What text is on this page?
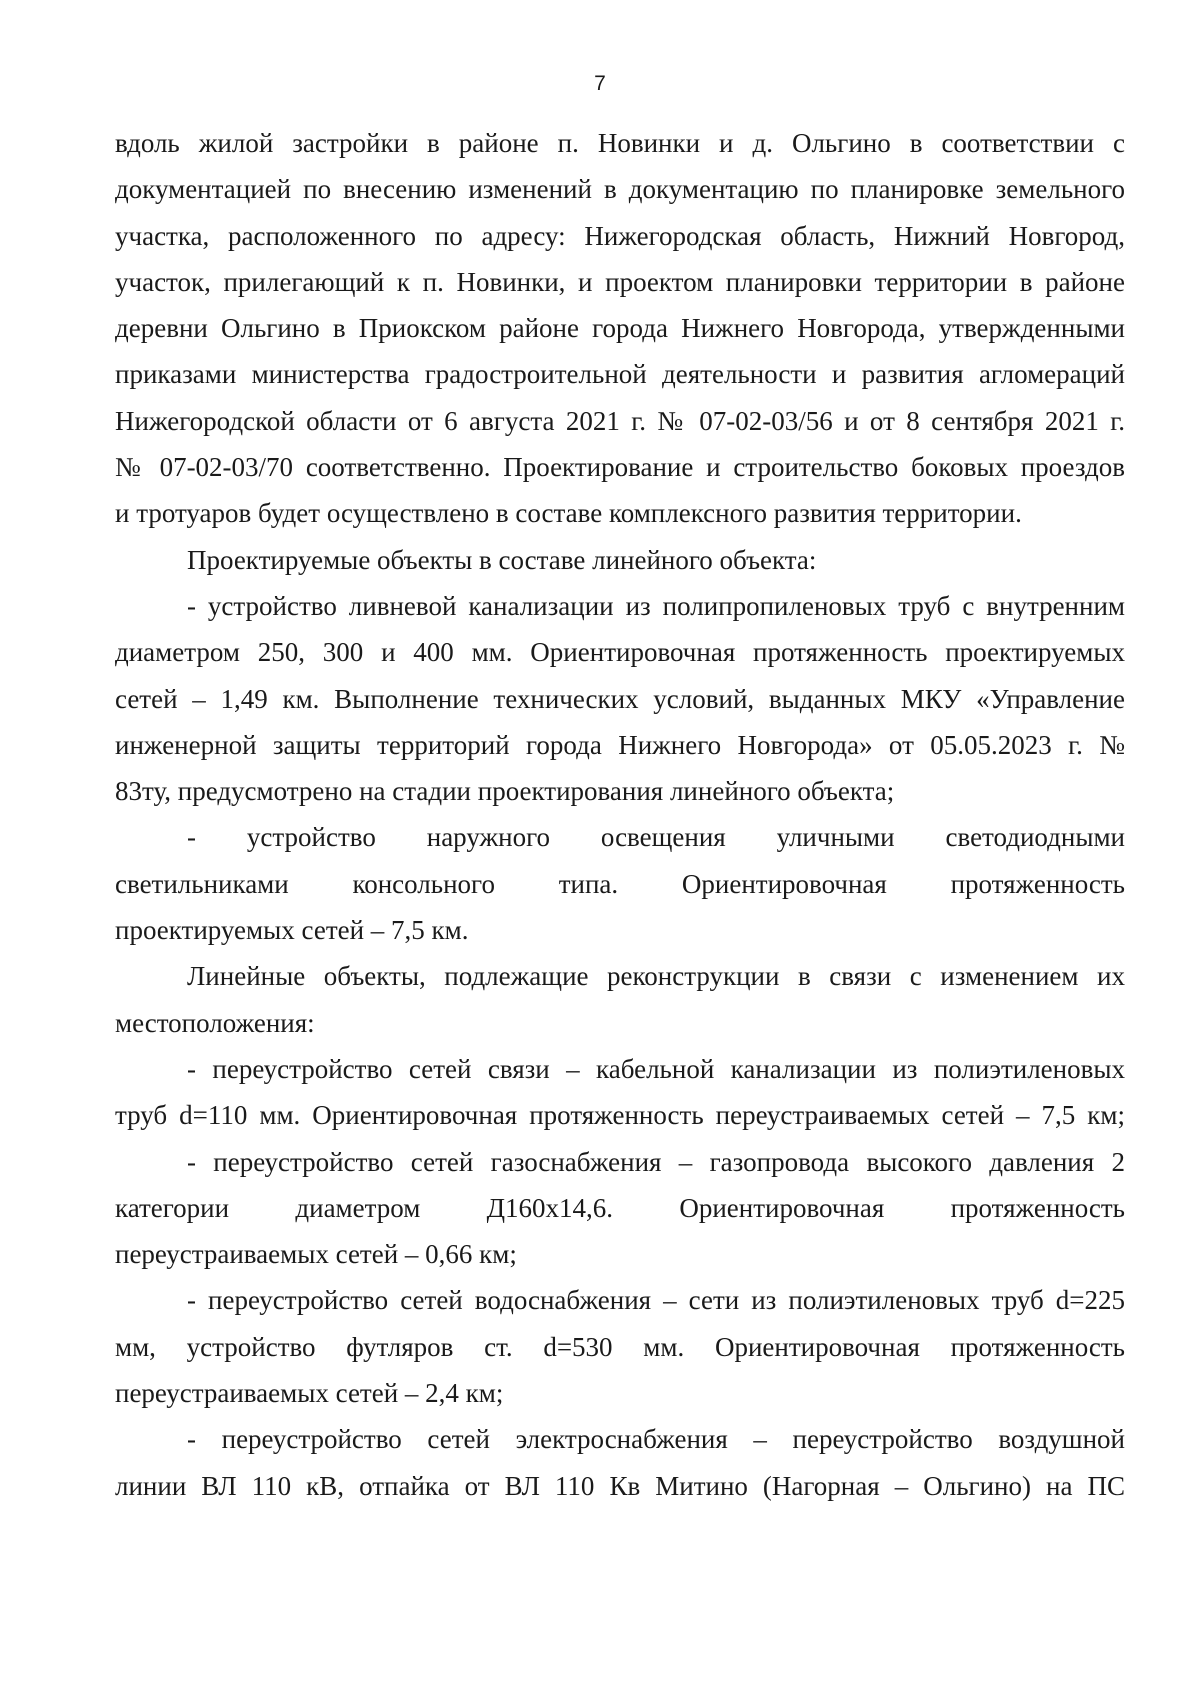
7
вдоль жилой застройки в районе п. Новинки и д. Ольгино в соответствии с
документацией по внесению изменений в документацию по планировке земельного
участка, расположенного по адресу: Нижегородская область, Нижний Новгород,
участок, прилегающий к п. Новинки, и проектом планировки территории в районе
деревни Ольгино в Приокском районе города Нижнего Новгорода, утвержденными
приказами министерства градостроительной деятельности и развития агломераций
Нижегородской области от 6 августа 2021 г. № 07-02-03/56 и от 8 сентября 2021 г.
№ 07-02-03/70 соответственно. Проектирование и строительство боковых проездов
и тротуаров будет осуществлено в составе комплексного развития территории.
Проектируемые объекты в составе линейного объекта:
- устройство ливневой канализации из полипропиленовых труб с внутренним
диаметром 250, 300 и 400 мм. Ориентировочная протяженность проектируемых
сетей – 1,49 км. Выполнение технических условий, выданных МКУ «Управление
инженерной защиты территорий города Нижнего Новгорода» от 05.05.2023 г. №
83ту, предусмотрено на стадии проектирования линейного объекта;
- устройство наружного освещения уличными светодиодными
светильниками консольного типа. Ориентировочная протяженность
проектируемых сетей – 7,5 км.
Линейные объекты, подлежащие реконструкции в связи с изменением их
местоположения:
- переустройство сетей связи – кабельной канализации из полиэтиленовых
труб d=110 мм. Ориентировочная протяженность переустраиваемых сетей – 7,5 км;
- переустройство сетей газоснабжения – газопровода высокого давления 2
категории диаметром Д160х14,6. Ориентировочная протяженность
переустраиваемых сетей – 0,66 км;
- переустройство сетей водоснабжения – сети из полиэтиленовых труб d=225
мм, устройство футляров ст. d=530 мм. Ориентировочная протяженность
переустраиваемых сетей – 2,4 км;
- переустройство сетей электроснабжения – переустройство воздушной
линии ВЛ 110 кВ, отпайка от ВЛ 110 Кв Митино (Нагорная – Ольгино) на ПС
